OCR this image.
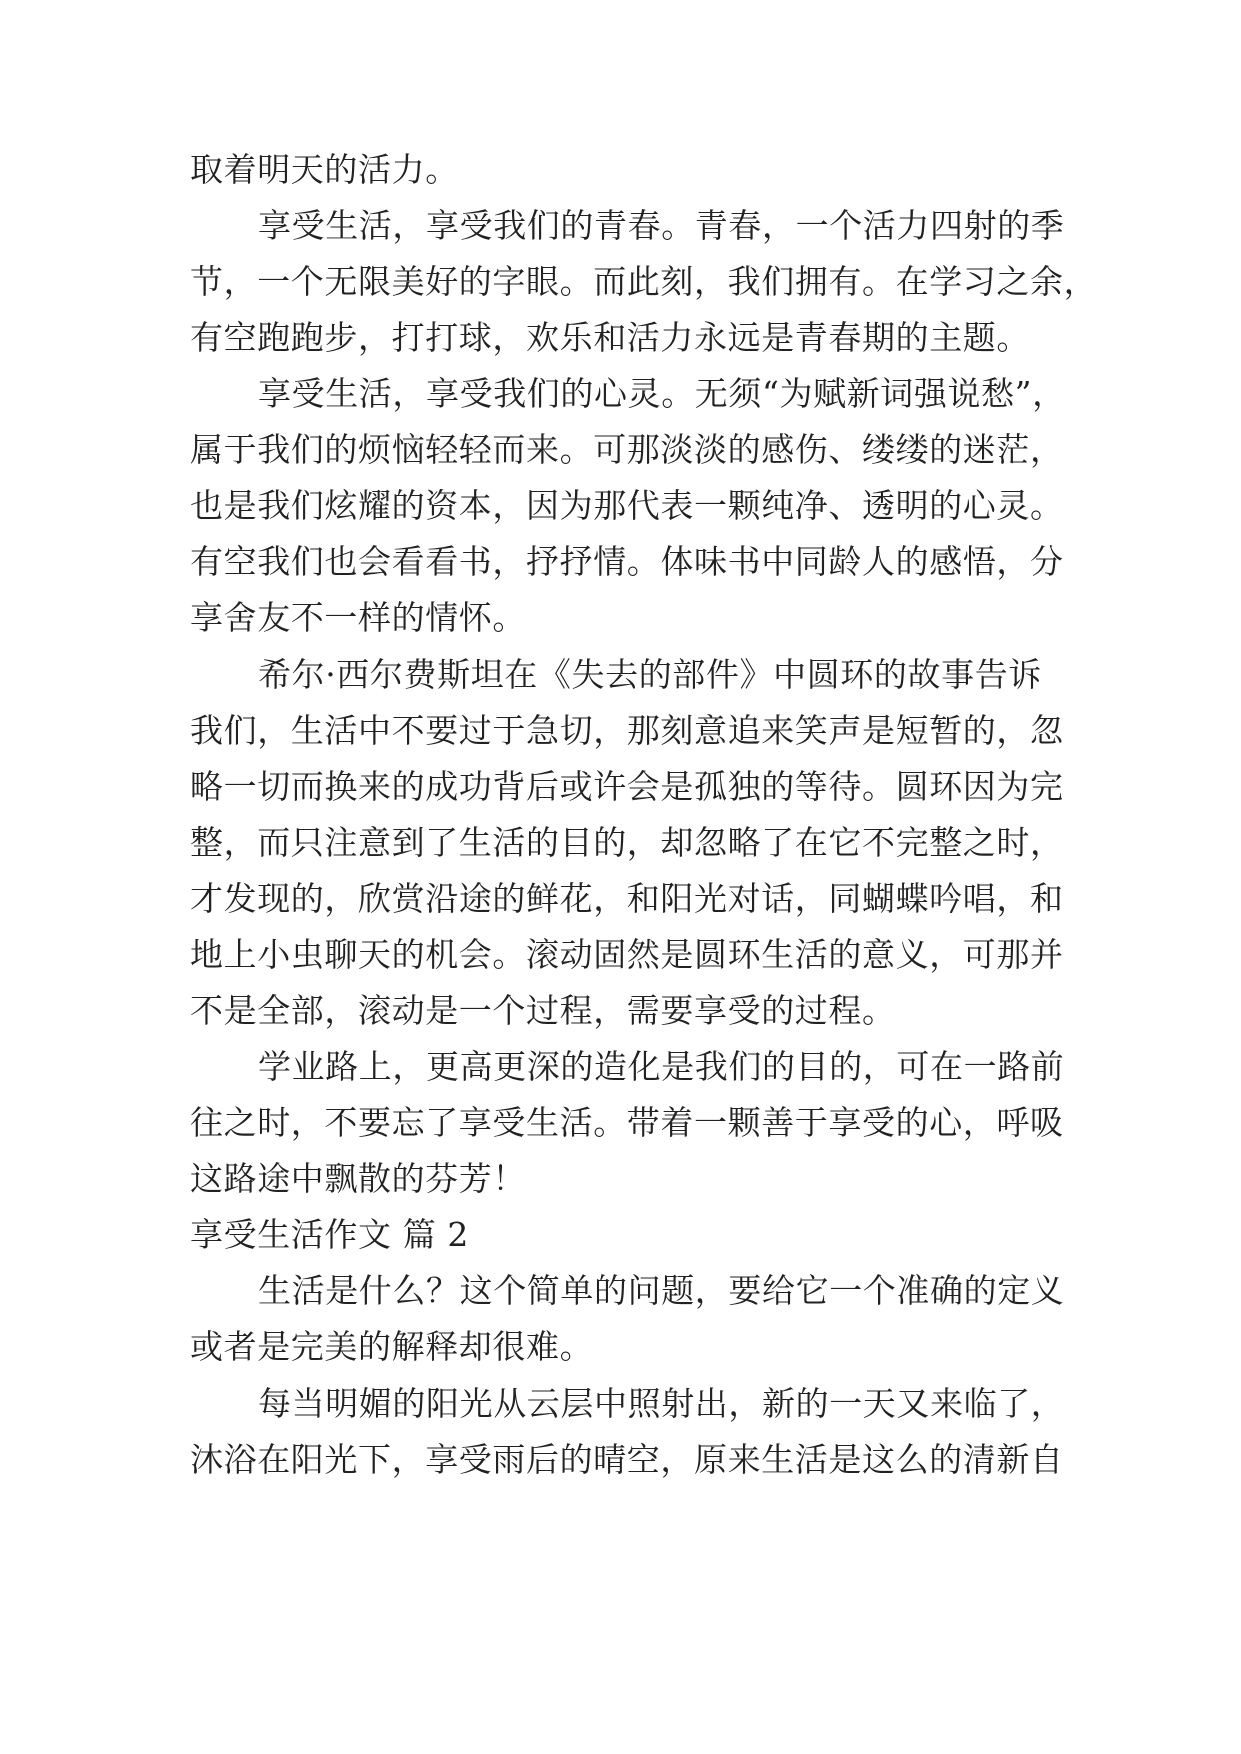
取着明天的活力。
享受生活，享受我们的青春。青春，一个活力四射的季
节，一个无限美好的字眼。而此刻，我们拥有。在学习之余，
有空跑跑步，打打球，欢乐和活力永远是青春期的主题。
享受生活，享受我们的心灵。无须“为赋新词强说愁”，
属于我们的烦恼轻轻而来。可那淡淡的感伤、缕缕的迷茫，
也是我们炫耀的资本，因为那代表一颗纯净、透明的心灵。
有空我们也会看看书，抒抒情。体味书中同龄人的感悟，分
享舍友不一样的情怀。
希尔·西尔费斯坦在《失去的部件》中圆环的故事告诉
我们，生活中不要过于急切，那刻意追来笑声是短暂的，忽
略一切而换来的成功背后或许会是孤独的等待。圆环因为完
整，而只注意到了生活的目的，却忽略了在它不完整之时，
才发现的，欣赏沿途的鲜花，和阳光对话，同蝴蝶吟唱，和
地上小虫聊天的机会。滚动固然是圆环生活的意义，可那并
不是全部，滚动是一个过程，需要享受的过程。
学业路上，更高更深的造化是我们的目的，可在一路前
往之时，不要忘了享受生活。带着一颗善于享受的心，呼吸
这路途中飘散的芬芳！
享受生活作文 篇 2
生活是什么？这个简单的问题，要给它一个准确的定义
或者是完美的解释却很难。
每当明媚的阳光从云层中照射出，新的一天又来临了，
沐浴在阳光下，享受雨后的晴空，原来生活是这么的清新自
